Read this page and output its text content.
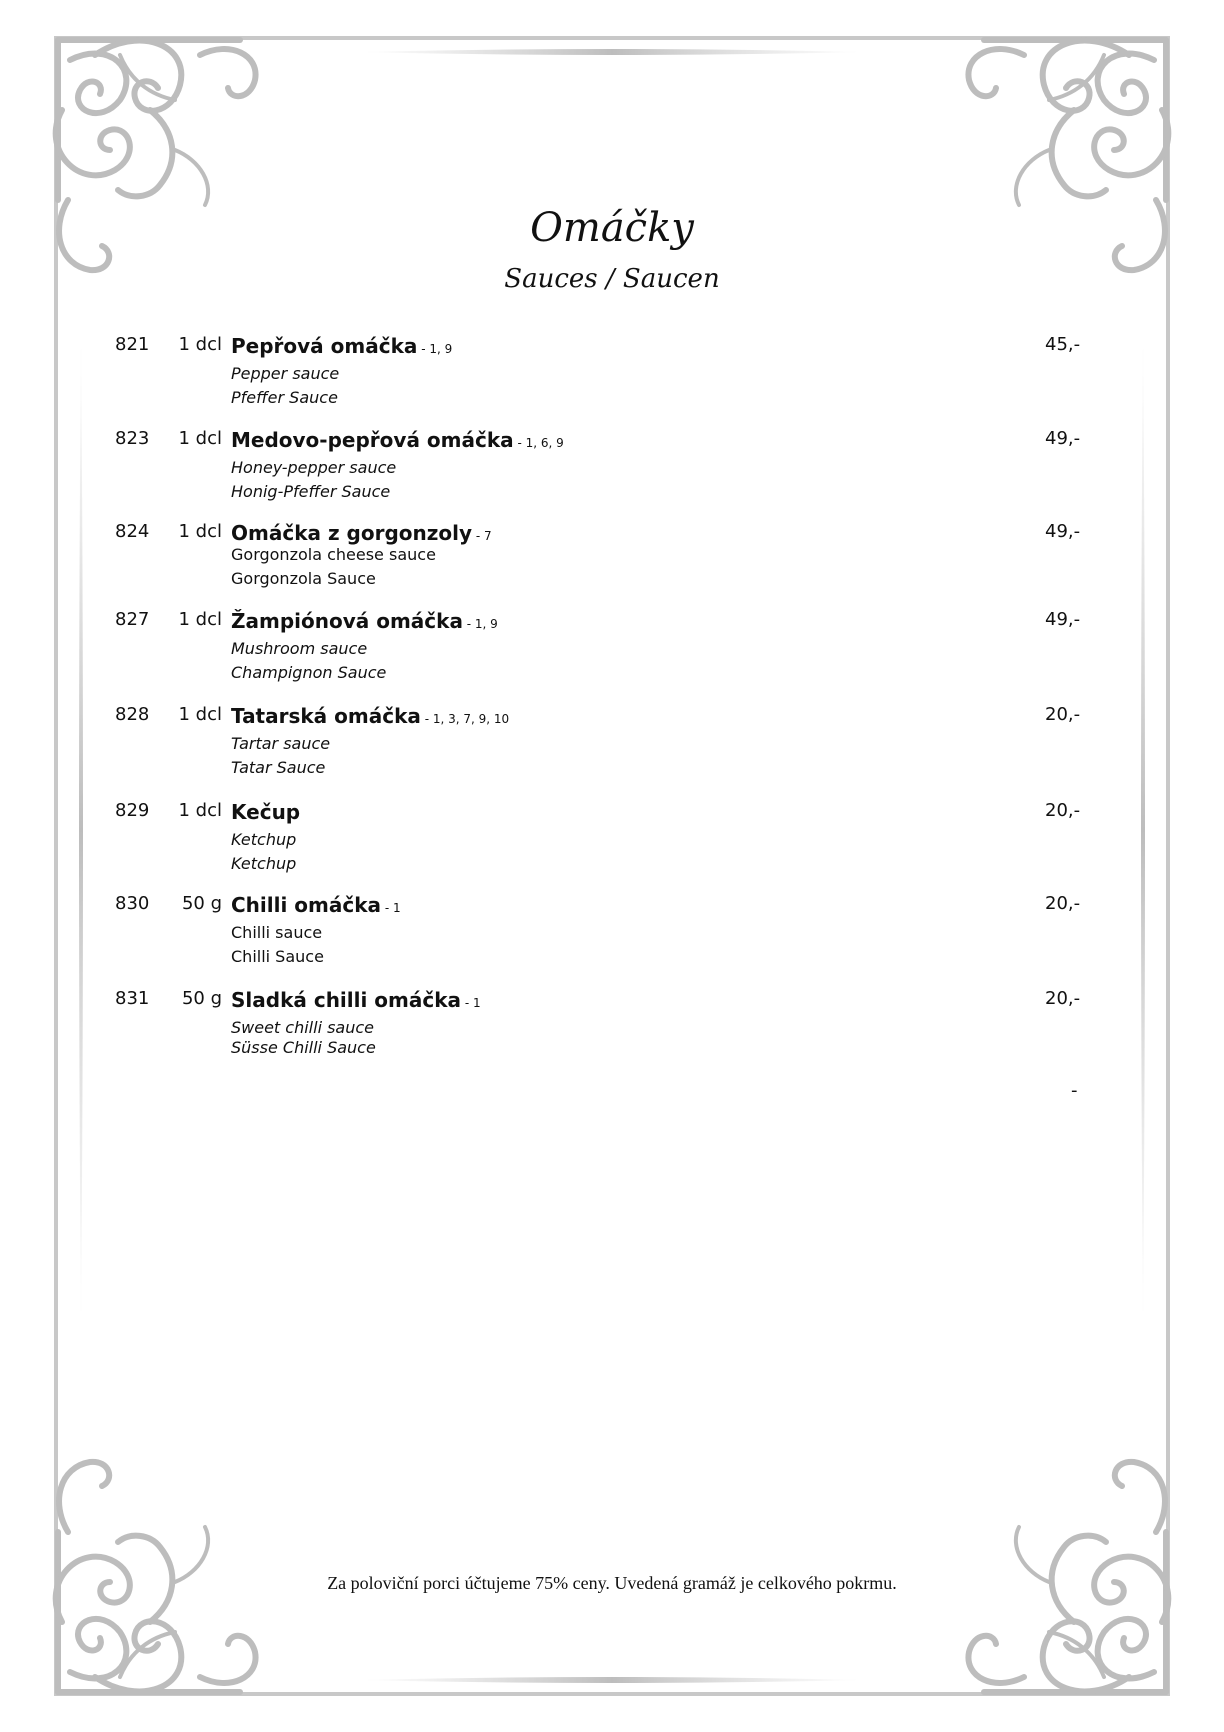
Omáčky
Sauces / Saucen
821 1 dcl Pepřová omáčka - 1, 9
Pepper sauce
Pfeffer Sauce
45,-
823 1 dcl Medovo-pepřová omáčka - 1, 6, 9
Honey-pepper sauce
Honig-Pfeffer Sauce
49,-
824 1 dcl Omáčka z gorgonzoly - 7
Gorgonzola cheese sauce
Gorgonzola Sauce
49,-
827 1 dcl Žampiónová omáčka - 1, 9
Mushroom sauce
Champignon Sauce
49,-
828 1 dcl Tatarská omáčka - 1, 3, 7, 9, 10
Tartar sauce
Tatar Sauce
20,-
829 1 dcl Kečup
Ketchup
Ketchup
20,-
830 50 g Chilli omáčka - 1
Chilli sauce
Chilli Sauce
20,-
831 50 g Sladká chilli omáčka - 1
Sweet chilli sauce
Süsse Chilli Sauce
20,-
-
Za poloviční porci účtujeme 75% ceny. Uvedená gramáž je celkového pokrmu.
